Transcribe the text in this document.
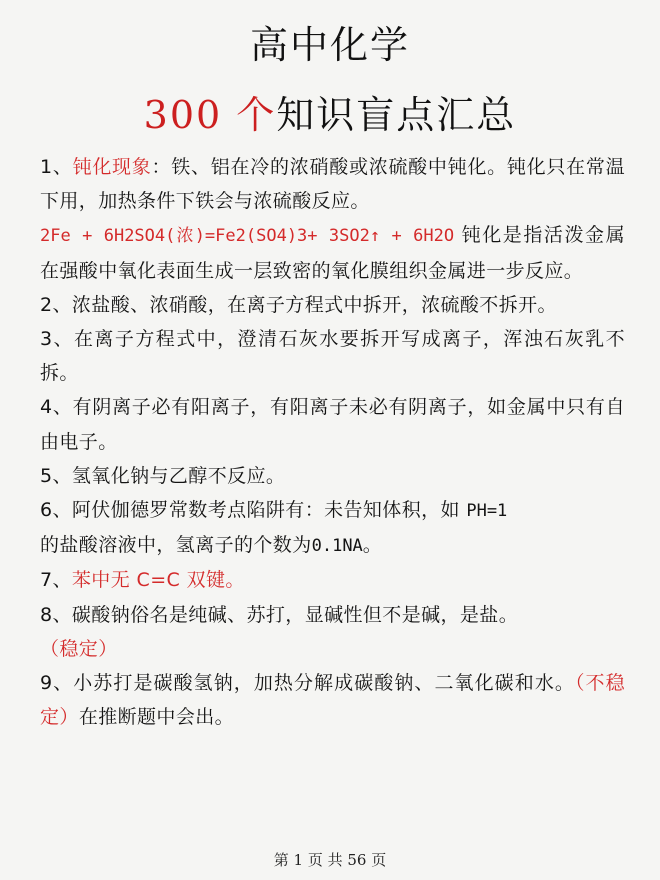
高中化学
300 个知识盲点汇总
1、钝化现象：铁、铝在冷的浓硝酸或浓硫酸中钝化。钝化只在常温下用，加热条件下铁会与浓硫酸反应。
2Fe + 6H2SO4(浓)=Fe2(SO4)3+ 3SO2↑ + 6H2O 钝化是指活泼金属在强酸中氧化表面生成一层致密的氧化膜组织金属进一步反应。
2、浓盐酸、浓硝酸，在离子方程式中拆开，浓硫酸不拆开。
3、在离子方程式中，澄清石灰水要拆开写成离子，浑浊石灰乳不拆。
4、有阴离子必有阳离子，有阳离子未必有阴离子，如金属中只有自由电子。
5、氢氧化钠与乙醇不反应。
6、阿伏伽德罗常数考点陷阱有：未告知体积，如 PH=1
的盐酸溶液中，氢离子的个数为0.1NA。
7、苯中无 C=C 双键。
8、碳酸钠俗名是纯碱、苏打，显碱性但不是碱，是盐。
（稳定）
9、小苏打是碳酸氢钠，加热分解成碳酸钠、二氧化碳和水。（不稳定）在推断题中会出。
第 1 页 共 56 页
